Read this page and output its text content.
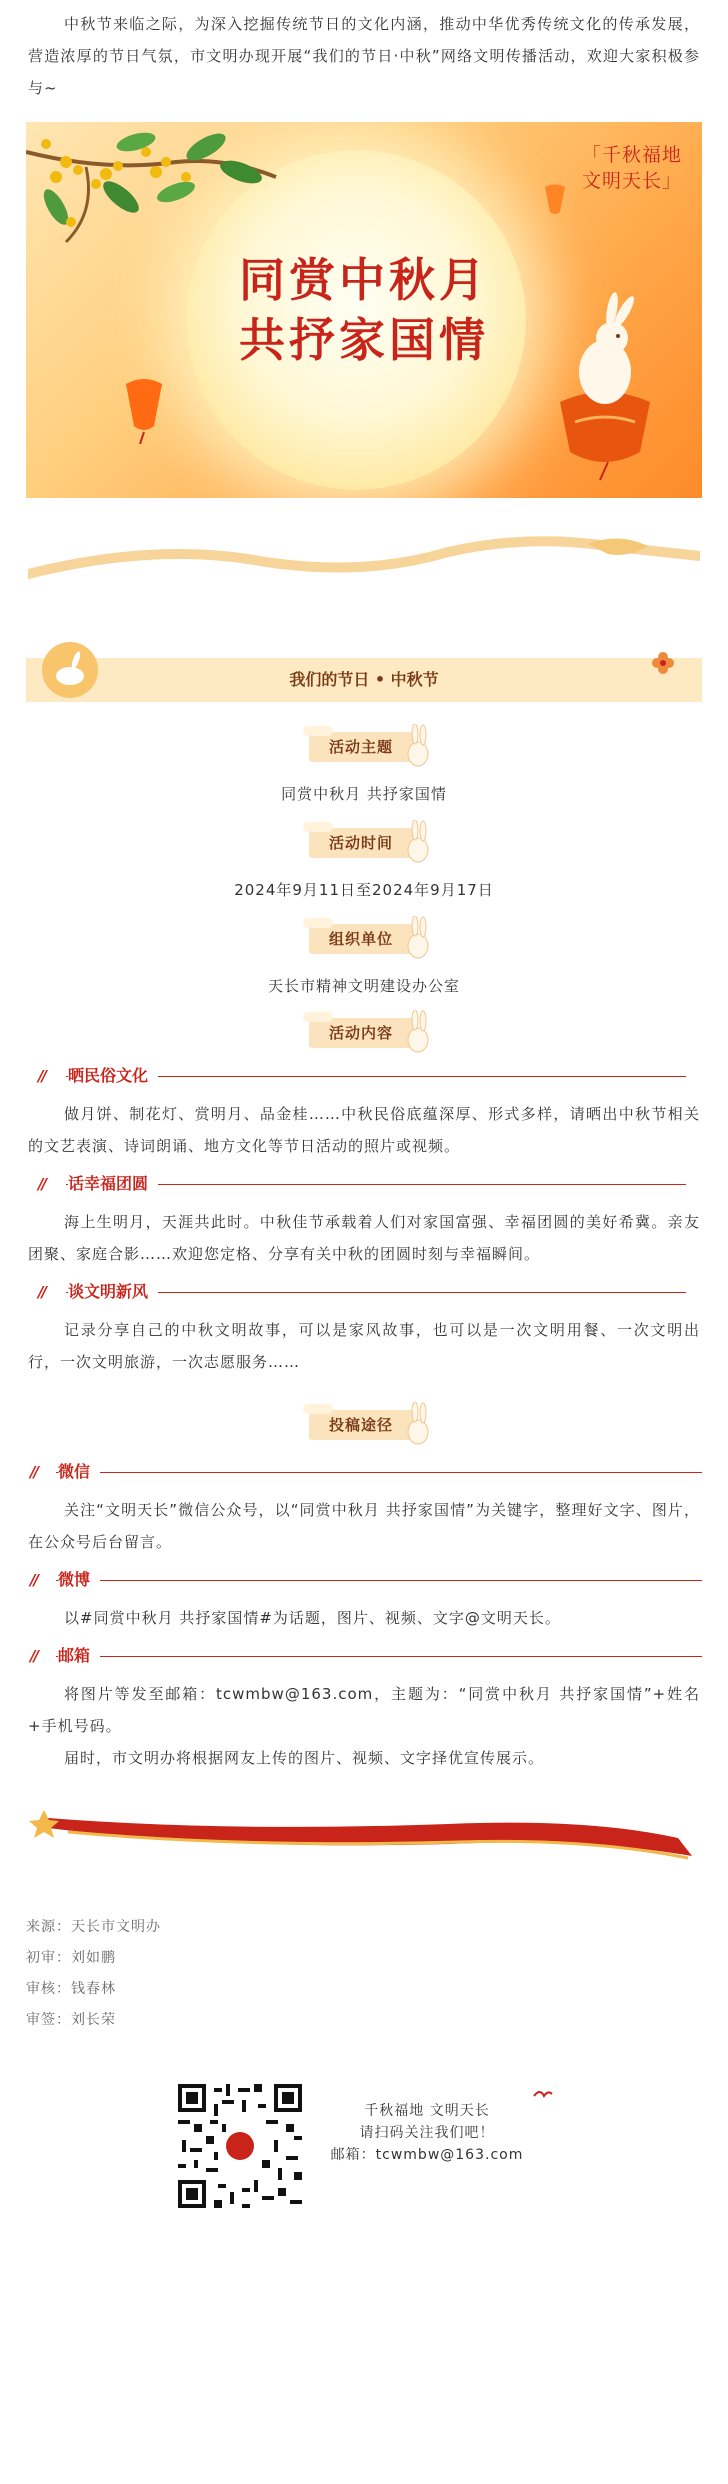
中秋节来临之际，为深入挖掘传统节日的文化内涵，推动中华优秀传统文化的传承发展，营造浓厚的节日气氛，市文明办现开展“我们的节日·中秋”网络文明传播活动，欢迎大家积极参与~

同赏中秋月
共抒家国情
「千秋福地
文明天长」
我们的节日 • 中秋节
活动主题

同赏中秋月 共抒家国情

活动时间

2024年9月11日至2024年9月17日

组织单位

天长市精神文明建设办公室

活动内容
// 晒民俗文化

做月饼、制花灯、赏明月、品金桂……中秋民俗底蕴深厚、形式多样，请晒出中秋节相关的文艺表演、诗词朗诵、地方文化等节日活动的照片或视频。

// 话幸福团圆

海上生明月，天涯共此时。中秋佳节承载着人们对家国富强、幸福团圆的美好希冀。亲友团聚、家庭合影……欢迎您定格、分享有关中秋的团圆时刻与幸福瞬间。

// 谈文明新风

记录分享自己的中秋文明故事，可以是家风故事，也可以是一次文明用餐、一次文明出行，一次文明旅游，一次志愿服务……

投稿途径
// 微信

关注“文明天长”微信公众号，以“同赏中秋月 共抒家国情”为关键字，整理好文字、图片，在公众号后台留言。

// 微博

以#同赏中秋月 共抒家国情#为话题，图片、视频、文字@文明天长。

// 邮箱

将图片等发至邮箱：tcwmbw@163.com，主题为：“同赏中秋月 共抒家国情”+姓名+手机号码。

届时，市文明办将根据网友上传的图片、视频、文字择优宣传展示。

来源：天长市文明办
初审：刘如鹏
审核：钱春林
审签：刘长荣
千秋福地 文明天长
请扫码关注我们吧！
邮箱：tcwmbw@163.com
